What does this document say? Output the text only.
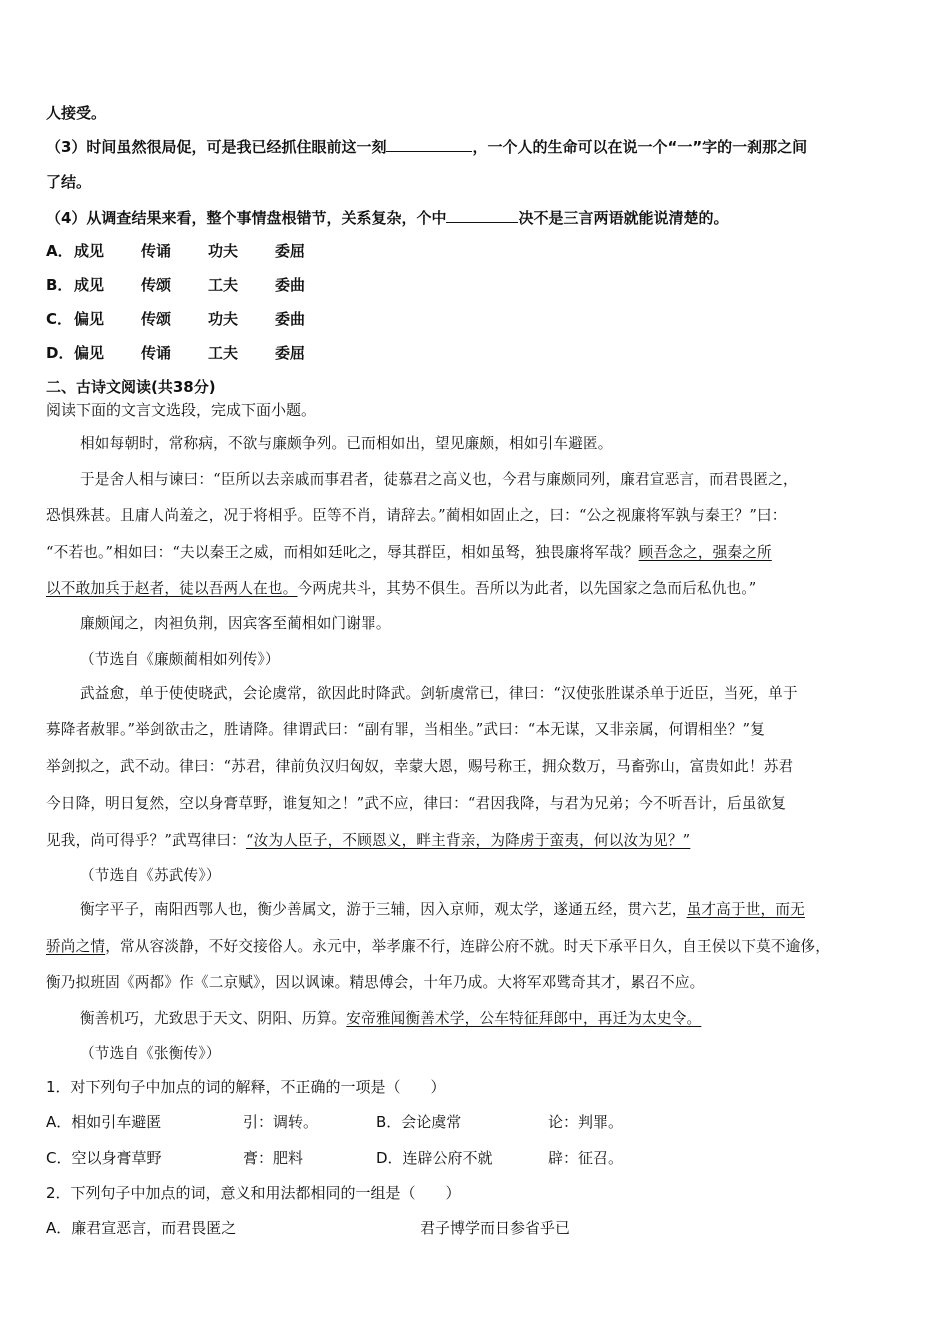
人接受。
（3）时间虽然很局促，可是我已经抓住眼前这一刻	，一个人的生命可以在说一个“一”字的一刹那之间
了结。
（4）从调查结果来看，整个事情盘根错节，关系复杂，个中	决不是三言两语就能说清楚的。
A．成见 传诵 功夫 委屈
B． 成见 传颂 工夫 委曲
C． 偏见 传颂 功夫 委曲
D．偏见 传诵 工夫 委屈
二、古诗文阅读(共38分)
阅读下面的文言文选段，完成下面小题。
相如每朝时，常称病，不欲与廉颇争列。已而相如出，望见廉颇，相如引车避匿。
于是舍人相与谏曰：“臣所以去亲戚而事君者，徒慕君之高义也，今君与廉颇同列，廉君宣恶言，而君畏匿之，
恐惧殊甚。且庸人尚羞之，况于将相乎。臣等不肖，请辞去。”蔺相如固止之，曰：“公之视廉将军孰与秦王？”曰：
“不若也。”相如曰：“夫以秦王之威，而相如廷叱之，辱其群臣，相如虽驽，独畏廉将军哉？顾吾念之，强秦之所
以不敢加兵于赵者，徒以吾两人在也。今两虎共斗，其势不俱生。吾所以为此者，以先国家之急而后私仇也。”
廉颇闻之，肉袒负荆，因宾客至蔺相如门谢罪。
（节选自《廉颇蔺相如列传》）
武益愈，单于使使晓武，会论虞常，欲因此时降武。剑斩虞常已，律曰：“汉使张胜谋杀单于近臣，当死，单于
募降者赦罪。”举剑欲击之，胜请降。律谓武曰：“副有罪，当相坐。”武曰：“本无谋，又非亲属，何谓相坐？”复
举剑拟之，武不动。律曰：“苏君，律前负汉归匈奴，幸蒙大恩，赐号称王，拥众数万，马畜弥山，富贵如此！苏君
今日降，明日复然，空以身膏草野，谁复知之！”武不应，律曰：“君因我降，与君为兄弟；今不听吾计，后虽欲复
见我，尚可得乎？”武骂律曰：“汝为人臣子，不顾恩义，畔主背亲，为降虏于蛮夷，何以汝为见？”
（节选自《苏武传》）
衡字平子，南阳西鄂人也，衡少善属文，游于三辅，因入京师，观太学，遂通五经，贯六艺，虽才高于世，而无
骄尚之情，常从容淡静，不好交接俗人。永元中，举孝廉不行，连辟公府不就。时天下承平日久，自王侯以下莫不逾侈，
衡乃拟班固《两都》作《二京赋》，因以讽谏。精思傅会，十年乃成。大将军邓骘奇其才，累召不应。
衡善机巧，尤致思于天文、阴阳、历算。安帝雅闻衡善术学，公车特征拜郎中，再迁为太史令。
（节选自《张衡传》）
1．对下列句子中加点的词的解释，不正确的一项是（　　）
A．相如引车避匿	引：调转。	B．会论虞常	论：判罪。
C．空以身膏草野	膏：肥料	D．连辟公府不就	辟：征召。
2．下列句子中加点的词，意义和用法都相同的一组是（　　）
A．廉君宣恶言，而君畏匿之	君子博学而日参省乎已
